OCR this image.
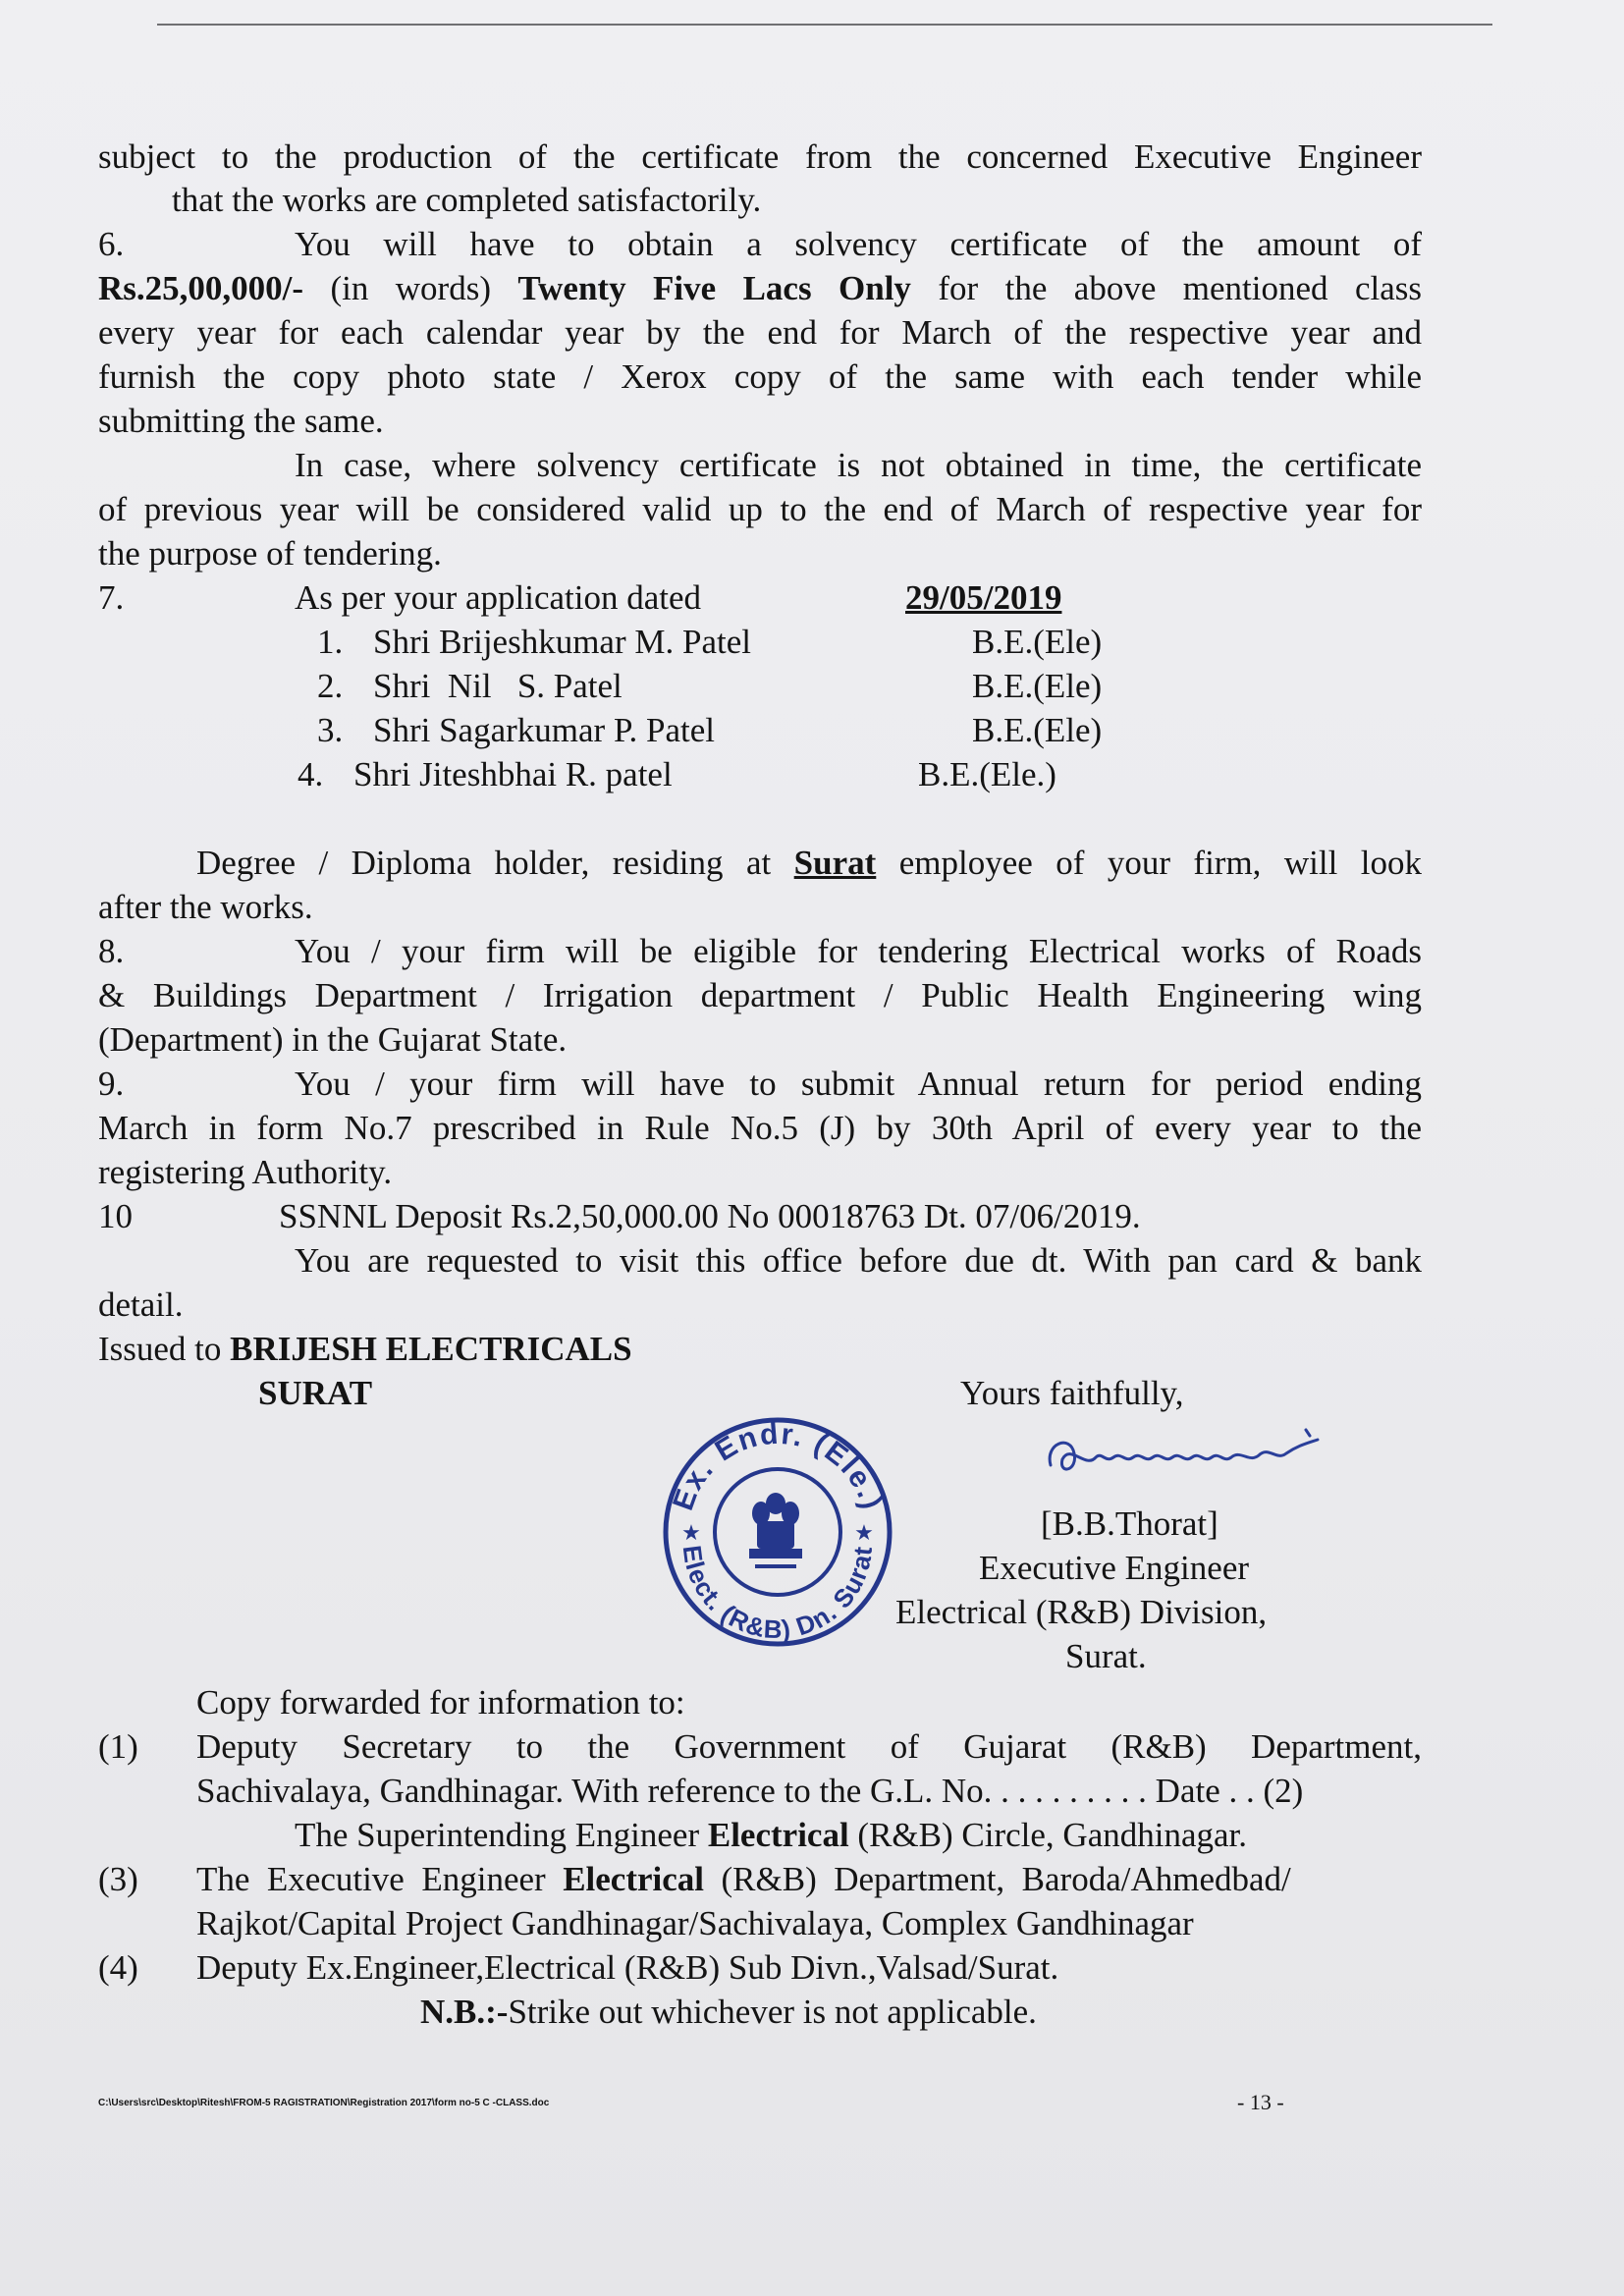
subject to the production of the certificate from the concerned Executive Engineer
that the works are completed satisfactorily.
6.	You will have to obtain a solvency certificate of the amount of
Rs.25,00,000/- (in words) Twenty Five Lacs Only for the above mentioned class
every year for each calendar year by the end for March of the respective year and
furnish the copy photo state / Xerox copy of the same with each tender while
submitting the same.
In case, where solvency certificate is not obtained in time, the certificate
of previous year will be considered valid up to the end of March of respective year for
the purpose of tendering.
7.	As per your application dated	29/05/2019
1. Shri Brijeshkumar M. Patel	B.E.(Ele)
2. Shri  Nil   S. Patel	B.E.(Ele)
3. Shri Sagarkumar P. Patel	B.E.(Ele)
4. Shri Jiteshbhai R. patel	B.E.(Ele.)
Degree / Diploma holder, residing at Surat employee of your firm, will look
after the works.
8.	You / your firm will be eligible for tendering Electrical works of Roads
& Buildings Department / Irrigation department / Public Health Engineering wing
(Department) in the Gujarat State.
9.	You / your firm will have to submit Annual return for period ending
March in form No.7 prescribed in Rule No.5 (J) by 30th April of every year to the
registering Authority.
10	SSNNL Deposit Rs.2,50,000.00 No 00018763 Dt. 07/06/2019.
You are requested to visit this office before due dt. With pan card & bank
detail.
Issued to BRIJESH ELECTRICALS
SURAT	Yours faithfully,
Ex. Endr. (Ele.)
Elect. (R&B) Dn. Surat
★	★	[B.B.Thorat]
Executive Engineer
Electrical (R&B) Division,
Surat.
Copy forwarded for information to:
(1) Deputy  Secretary  to  the  Government  of  Gujarat  (R&B)  Department,
Sachivalaya, Gandhinagar. With reference to the G.L. No. . . . . . . . . . Date . . (2)
The Superintending Engineer Electrical (R&B) Circle, Gandhinagar.
(3) The  Executive  Engineer  Electrical  (R&B)  Department,  Baroda/Ahmedbad/
Rajkot/Capital Project Gandhinagar/Sachivalaya, Complex Gandhinagar
(4) Deputy Ex.Engineer,Electrical (R&B) Sub Divn.,Valsad/Surat.
N.B.:-Strike out whichever is not applicable.
C:\Users\src\Desktop\Ritesh\FROM-5 RAGISTRATION\Registration 2017\form no-5 C -CLASS.doc	- 13 -
